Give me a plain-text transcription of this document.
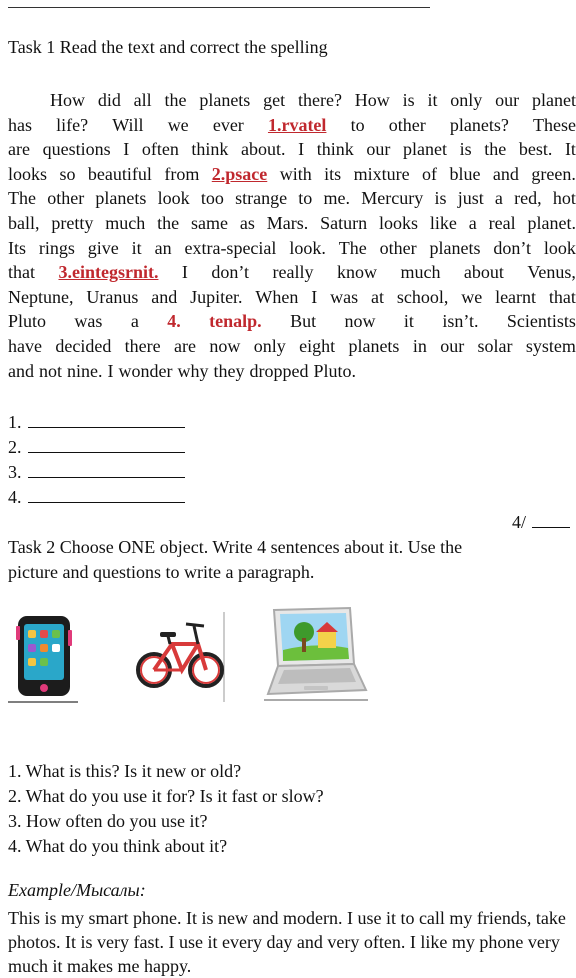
Task 1 Read the text and correct the spelling
How did all the planets get there? How is it only our planet
has life? Will we ever 1.rvatel to other planets? These
are questions I often think about. I think our planet is the best. It
looks so beautiful from 2.psace with its mixture of blue and green.
The other planets look too strange to me. Mercury is just a red, hot
ball, pretty much the same as Mars. Saturn looks like a real planet.
Its rings give it an extra-special look. The other planets don’t look
that 3.eintegsrnit. I don’t really know much about Venus,
Neptune, Uranus and Jupiter. When I was at school, we learnt that
Pluto was a 4. tenalp. But now it isn’t. Scientists
have decided there are now only eight planets in our solar system
and not nine. I wonder why they dropped Pluto.
1.
2.
3.
4.
4/
Task 2 Choose ONE object. Write 4 sentences about it. Use the
picture and questions to write a paragraph.
1. What is this? Is it new or old?
2. What do you use it for? Is it fast or slow?
3. How often do you use it?
4. What do you think about it?
Example/Мысалы:
This is my smart phone. It is new and modern. I use it to call my friends, take photos. It is very fast. I use it every day and very often. I like my phone very much it makes me happy.
